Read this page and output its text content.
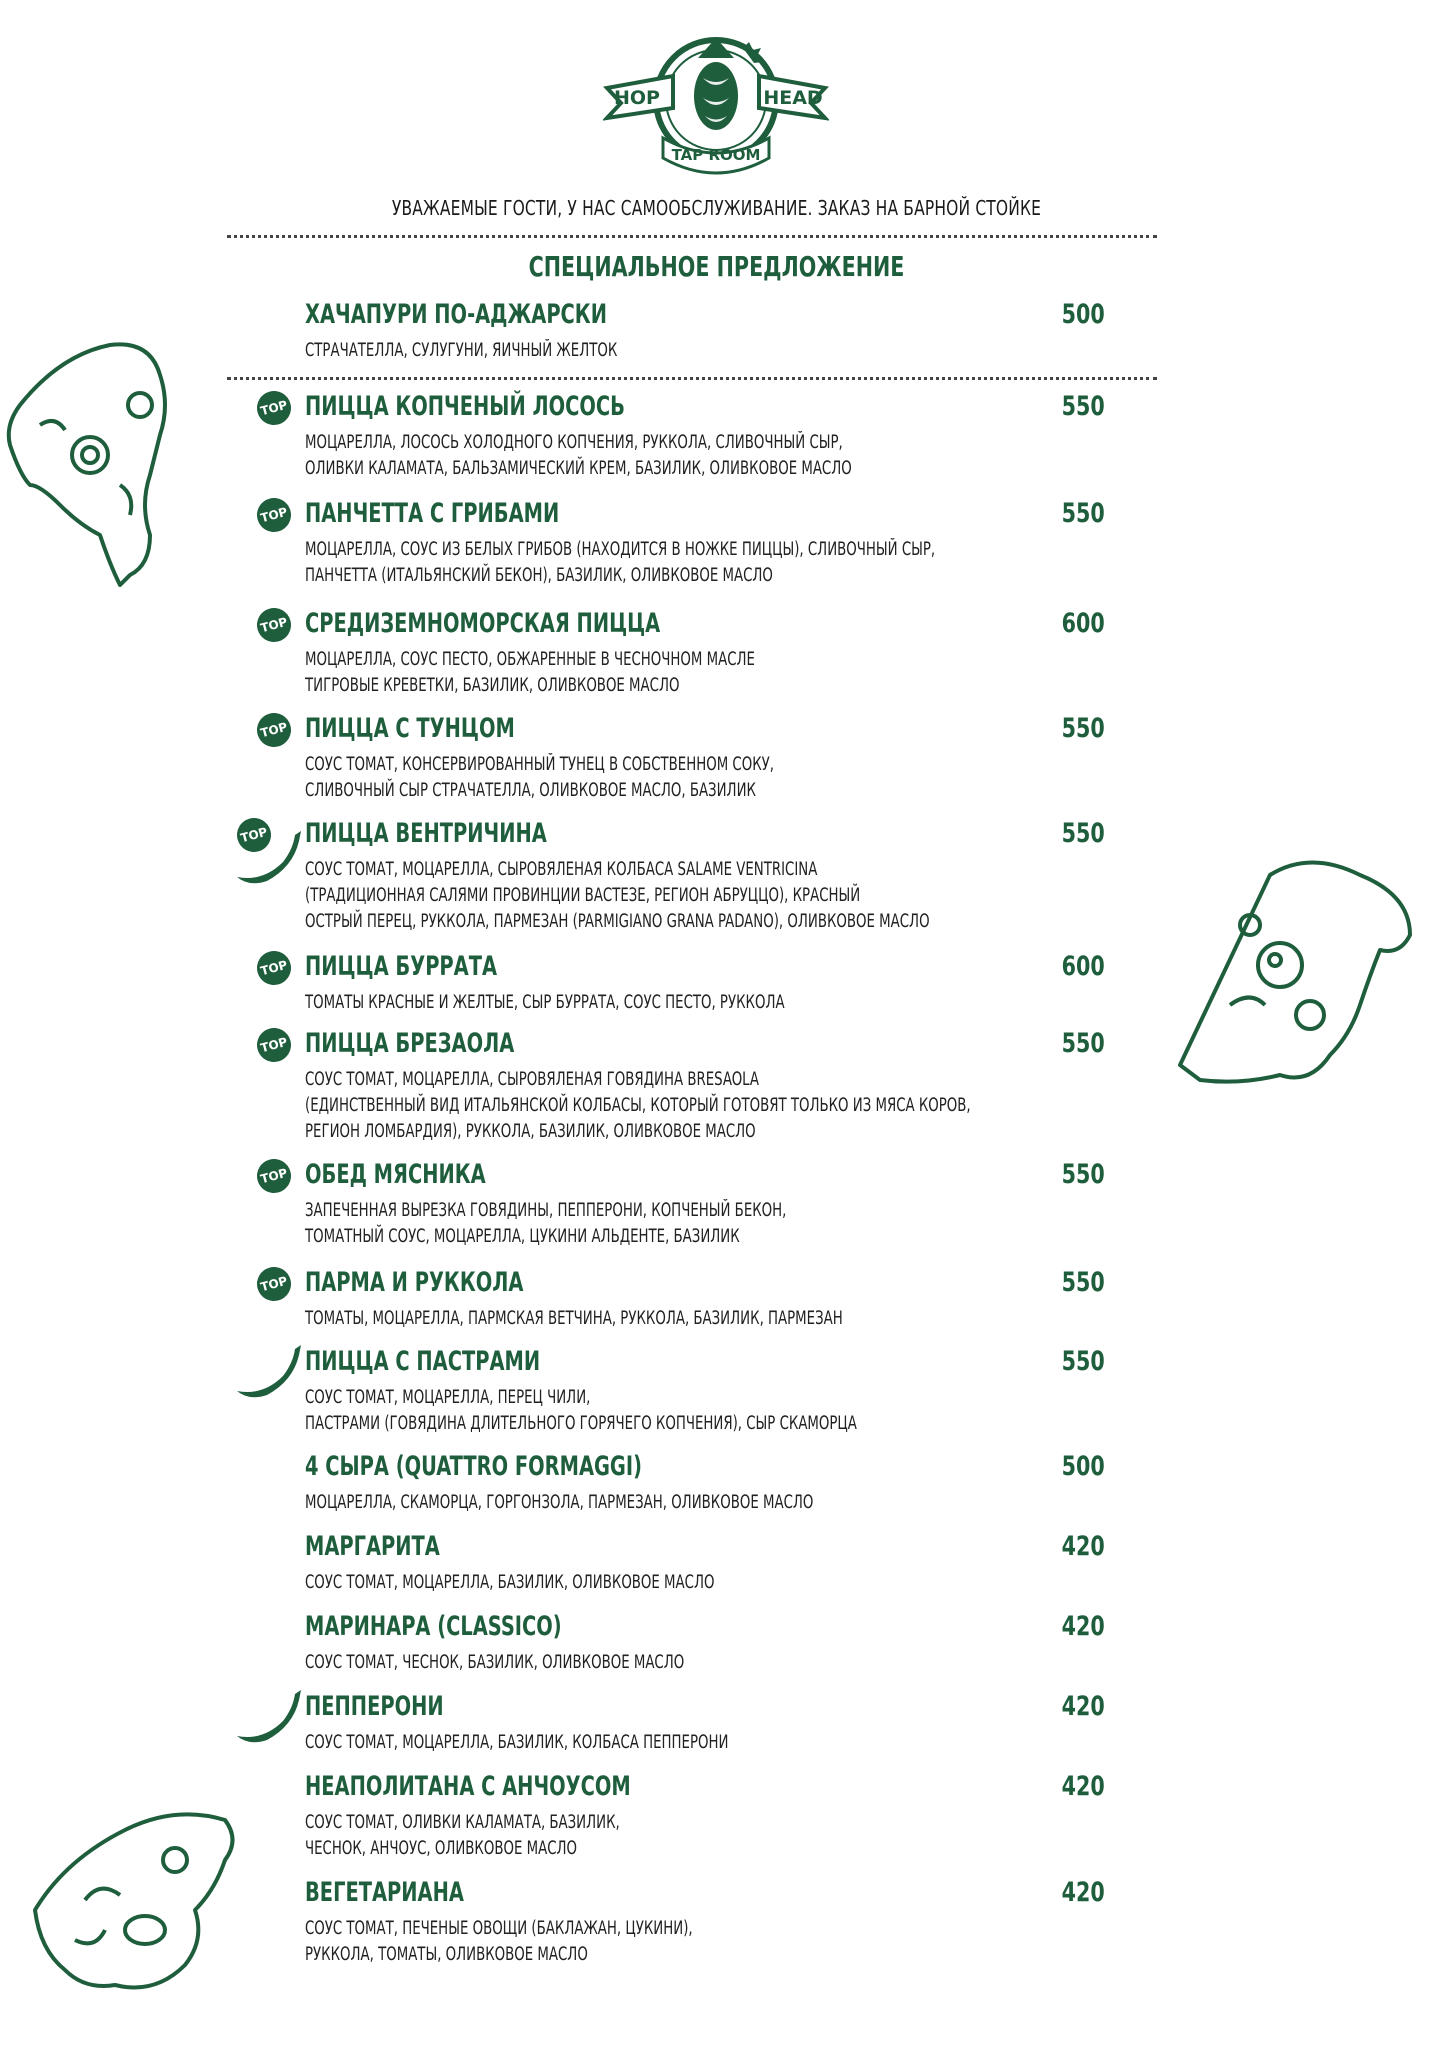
HOP	HEAD
TAP ROOM
УВАЖАЕМЫЕ ГОСТИ, У НАС САМООБСЛУЖИВАНИЕ. ЗАКАЗ НА БАРНОЙ СТОЙКЕ
СПЕЦИАЛЬНОЕ ПРЕДЛОЖЕНИЕ
ХАЧАПУРИ ПО-АДЖАРСКИ	500
СТРАЧАТЕЛЛА, СУЛУГУНИ, ЯИЧНЫЙ ЖЕЛТОК
TOP ПИЦЦА КОПЧЕНЫЙ ЛОСОСЬ	550
МОЦАРЕЛЛА, ЛОСОСЬ ХОЛОДНОГО КОПЧЕНИЯ, РУККОЛА, СЛИВОЧНЫЙ СЫР,
ОЛИВКИ КАЛАМАТА, БАЛЬЗАМИЧЕСКИЙ КРЕМ, БАЗИЛИК, ОЛИВКОВОЕ МАСЛО
TOP ПАНЧЕТТА С ГРИБАМИ	550
МОЦАРЕЛЛА, СОУС ИЗ БЕЛЫХ ГРИБОВ (НАХОДИТСЯ В НОЖКЕ ПИЦЦЫ), СЛИВОЧНЫЙ СЫР,
ПАНЧЕТТА (ИТАЛЬЯНСКИЙ БЕКОН), БАЗИЛИК, ОЛИВКОВОЕ МАСЛО
TOP СРЕДИЗЕМНОМОРСКАЯ ПИЦЦА	600
МОЦАРЕЛЛА, СОУС ПЕСТО, ОБЖАРЕННЫЕ В ЧЕСНОЧНОМ МАСЛЕ
ТИГРОВЫЕ КРЕВЕТКИ, БАЗИЛИК, ОЛИВКОВОЕ МАСЛО
TOP ПИЦЦА С ТУНЦОМ	550
СОУС ТОМАТ, КОНСЕРВИРОВАННЫЙ ТУНЕЦ В СОБСТВЕННОМ СОКУ,
СЛИВОЧНЫЙ СЫР СТРАЧАТЕЛЛА, ОЛИВКОВОЕ МАСЛО, БАЗИЛИК
TOP ПИЦЦА ВЕНТРИЧИНА	550
СОУС ТОМАТ, МОЦАРЕЛЛА, СЫРОВЯЛЕНАЯ КОЛБАСА SALAME VENTRICINA
(ТРАДИЦИОННАЯ САЛЯМИ ПРОВИНЦИИ ВАСТЕЗЕ, РЕГИОН АБРУЦЦО), КРАСНЫЙ
ОСТРЫЙ ПЕРЕЦ, РУККОЛА, ПАРМЕЗАН (PARMIGIANO GRANA PADANO), ОЛИВКОВОЕ МАСЛО
TOP ПИЦЦА БУРРАТА	600
ТОМАТЫ КРАСНЫЕ И ЖЕЛТЫЕ, СЫР БУРРАТА, СОУС ПЕСТО, РУККОЛА
TOP ПИЦЦА БРЕЗАОЛА	550
СОУС ТОМАТ, МОЦАРЕЛЛА, СЫРОВЯЛЕНАЯ ГОВЯДИНА BRESAOLA
(ЕДИНСТВЕННЫЙ ВИД ИТАЛЬЯНСКОЙ КОЛБАСЫ, КОТОРЫЙ ГОТОВЯТ ТОЛЬКО ИЗ МЯСА КОРОВ,
РЕГИОН ЛОМБАРДИЯ), РУККОЛА, БАЗИЛИК, ОЛИВКОВОЕ МАСЛО
TOP ОБЕД МЯСНИКА	550
ЗАПЕЧЕННАЯ ВЫРЕЗКА ГОВЯДИНЫ, ПЕППЕРОНИ, КОПЧЕНЫЙ БЕКОН,
ТОМАТНЫЙ СОУС, МОЦАРЕЛЛА, ЦУКИНИ АЛЬДЕНТЕ, БАЗИЛИК
TOP ПАРМА И РУККОЛА	550
ТОМАТЫ, МОЦАРЕЛЛА, ПАРМСКАЯ ВЕТЧИНА, РУККОЛА, БАЗИЛИК, ПАРМЕЗАН
ПИЦЦА С ПАСТРАМИ	550
СОУС ТОМАТ, МОЦАРЕЛЛА, ПЕРЕЦ ЧИЛИ,
ПАСТРАМИ (ГОВЯДИНА ДЛИТЕЛЬНОГО ГОРЯЧЕГО КОПЧЕНИЯ), СЫР СКАМОРЦА
4 СЫРА (QUATTRO FORMAGGI)	500
МОЦАРЕЛЛА, СКАМОРЦА, ГОРГОНЗОЛА, ПАРМЕЗАН, ОЛИВКОВОЕ МАСЛО
МАРГАРИТА	420
СОУС ТОМАТ, МОЦАРЕЛЛА, БАЗИЛИК, ОЛИВКОВОЕ МАСЛО
МАРИНАРА (CLASSICO)	420
СОУС ТОМАТ, ЧЕСНОК, БАЗИЛИК, ОЛИВКОВОЕ МАСЛО
ПЕППЕРОНИ	420
СОУС ТОМАТ, МОЦАРЕЛЛА, БАЗИЛИК, КОЛБАСА ПЕППЕРОНИ
НЕАПОЛИТАНА С АНЧОУСОМ	420
СОУС ТОМАТ, ОЛИВКИ КАЛАМАТА, БАЗИЛИК,
ЧЕСНОК, АНЧОУС, ОЛИВКОВОЕ МАСЛО
ВЕГЕТАРИАНА	420
СОУС ТОМАТ, ПЕЧЕНЫЕ ОВОЩИ (БАКЛАЖАН, ЦУКИНИ),
РУККОЛА, ТОМАТЫ, ОЛИВКОВОЕ МАСЛО
